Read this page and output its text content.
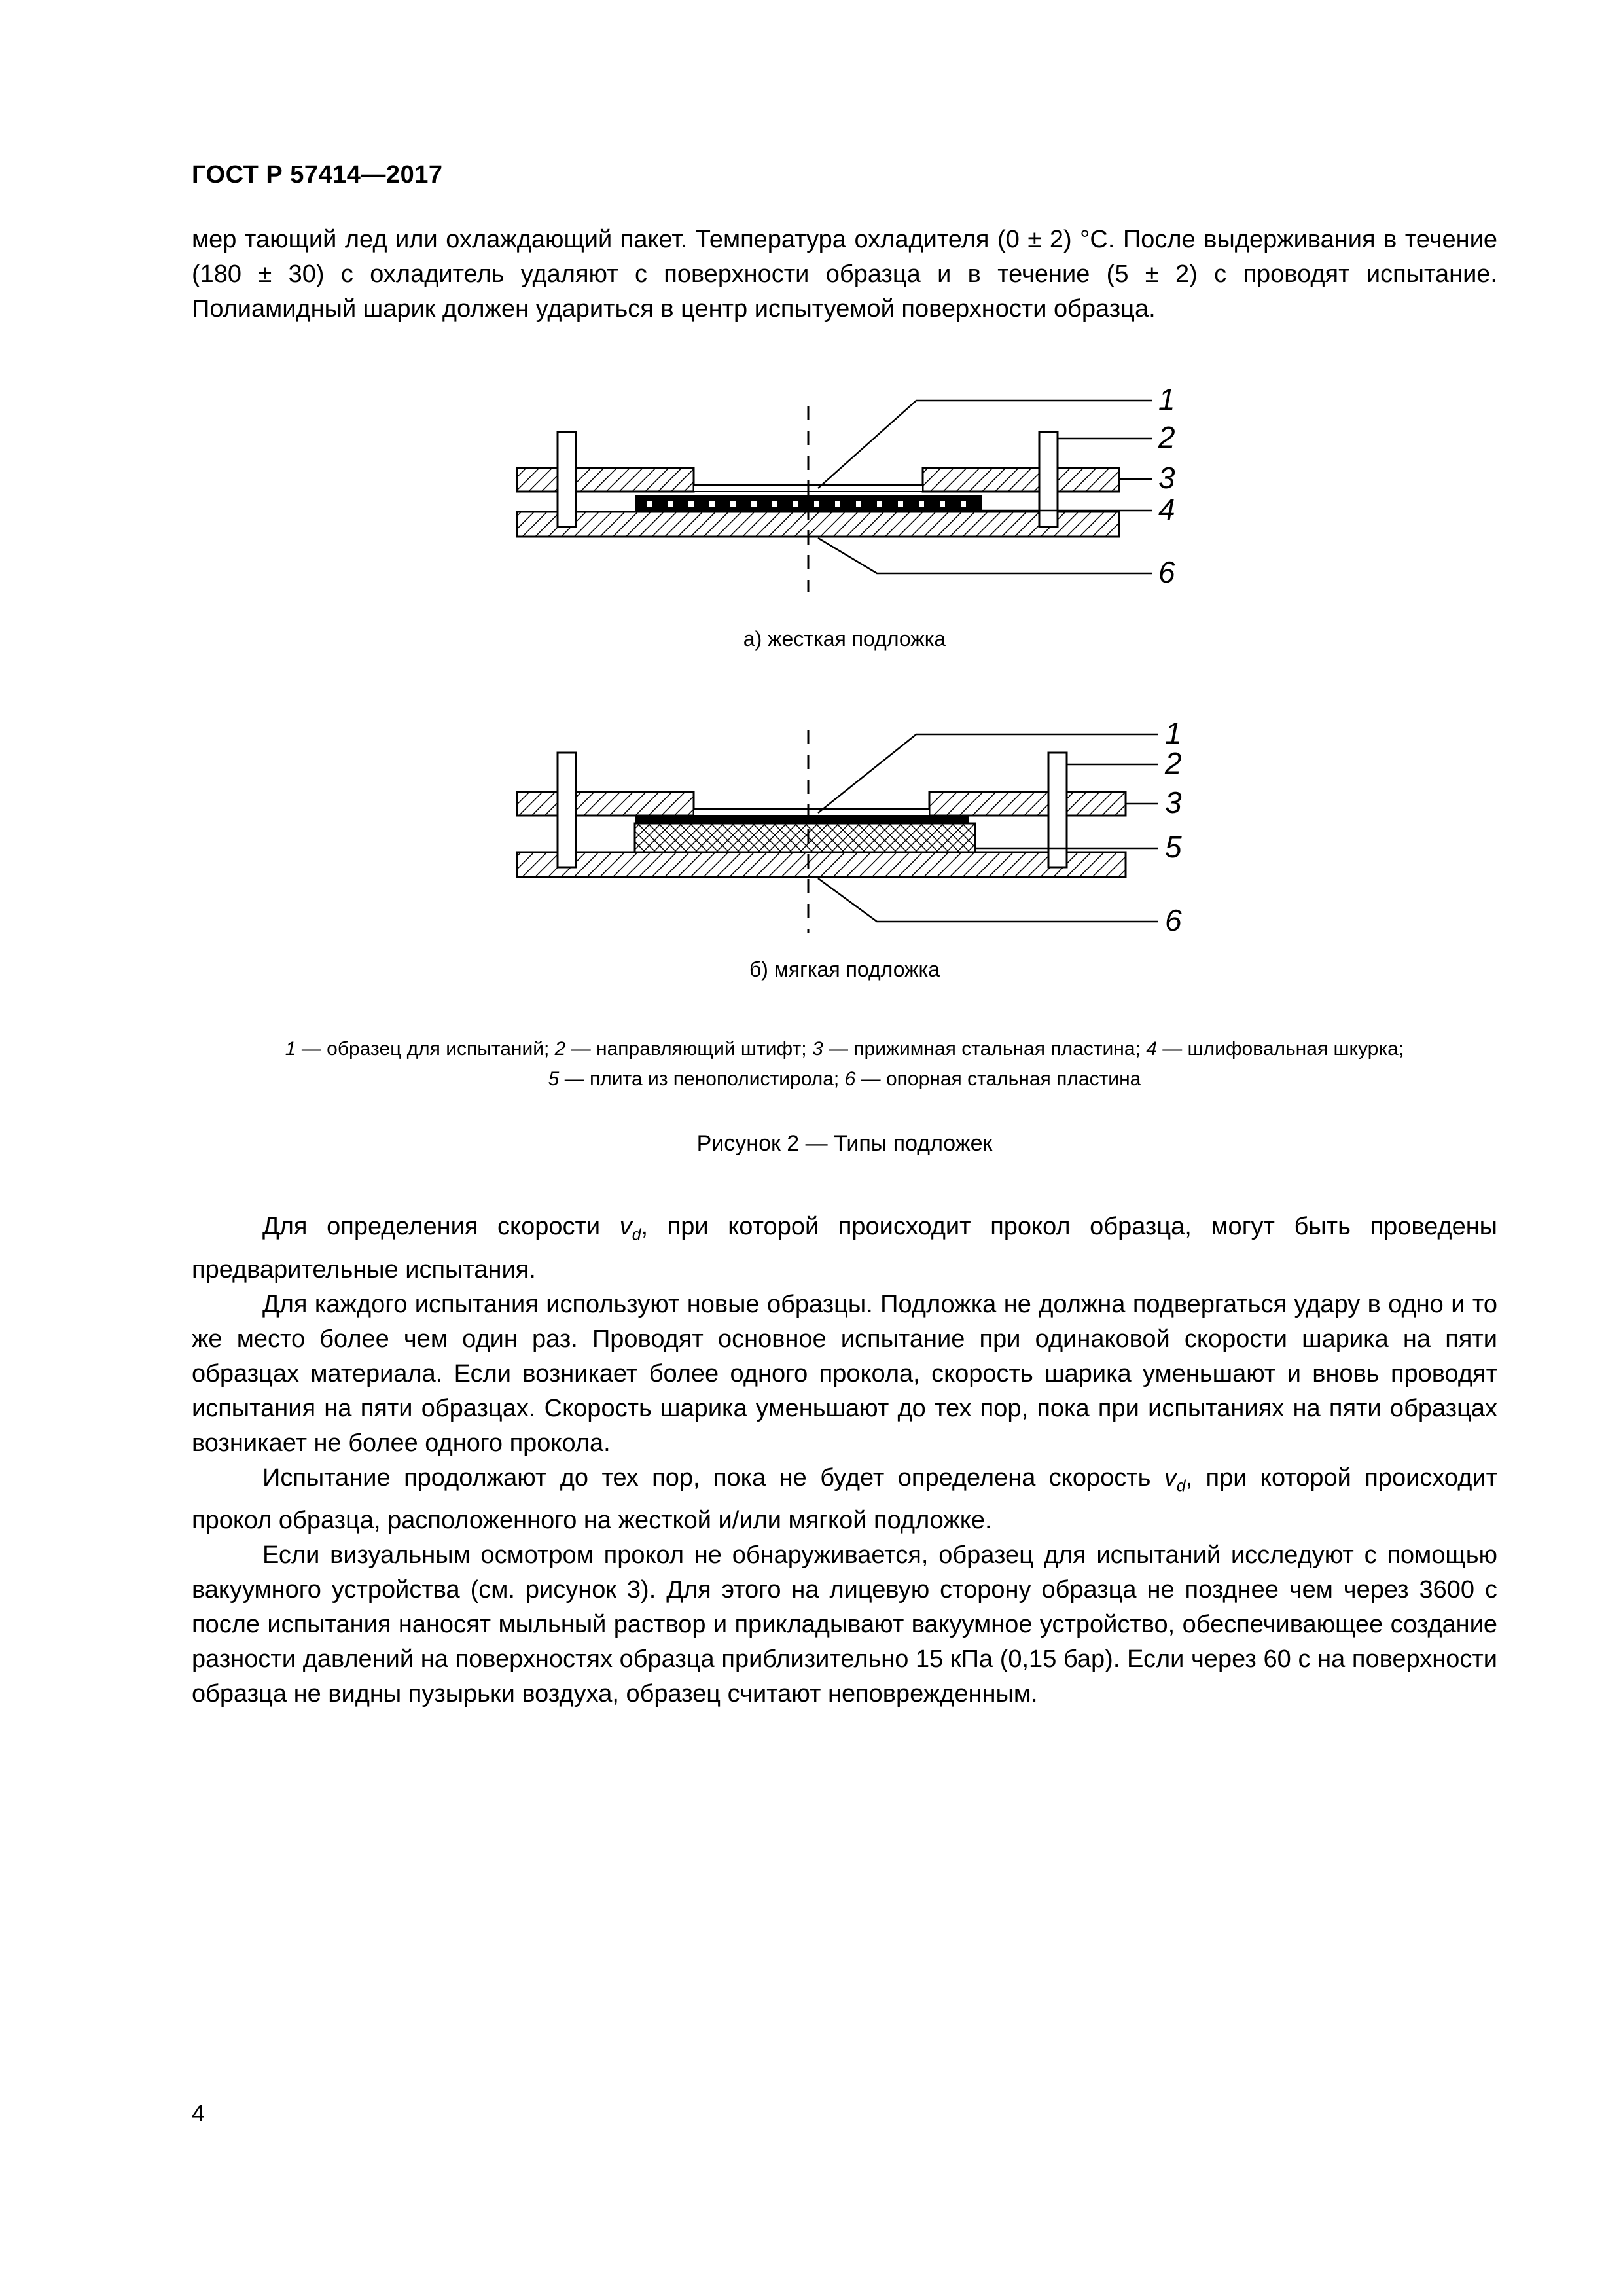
ГОСТ Р 57414—2017

мер тающий лед или охлаждающий пакет. Температура охладителя (0 ± 2) °C. После выдерживания в течение (180 ± 30) с охладитель удаляют с поверхности образца и в течение (5 ± 2) с проводят испытание. Полиамидный шарик должен удариться в центр испытуемой поверхности образца.

1
2
3
4
6
а) жесткая подложка
1
2
3
5
6
б) мягкая подложка
1 — образец для испытаний; 2 — направляющий штифт; 3 — прижимная стальная пластина; 4 — шлифовальная шкурка;
5 — плита из пенополистирола; 6 — опорная стальная пластина
Рисунок 2 — Типы подложек

Для определения скорости $v_d$, при которой происходит прокол образца, могут быть проведены предварительные испытания.

Для каждого испытания используют новые образцы. Подложка не должна подвергаться удару в одно и то же место более чем один раз. Проводят основное испытание при одинаковой скорости шарика на пяти образцах материала. Если возникает более одного прокола, скорость шарика уменьшают и вновь проводят испытания на пяти образцах. Скорость шарика уменьшают до тех пор, пока при испытаниях на пяти образцах возникает не более одного прокола.

Испытание продолжают до тех пор, пока не будет определена скорость $v_d$, при которой происходит прокол образца, расположенного на жесткой и/или мягкой подложке.

Если визуальным осмотром прокол не обнаруживается, образец для испытаний исследуют с помощью вакуумного устройства (см. рисунок 3). Для этого на лицевую сторону образца не позднее чем через 3600 с после испытания наносят мыльный раствор и прикладывают вакуумное устройство, обеспечивающее создание разности давлений на поверхностях образца приблизительно 15 кПа (0,15 бар). Если через 60 с на поверхности образца не видны пузырьки воздуха, образец считают неповрежденным.

4
